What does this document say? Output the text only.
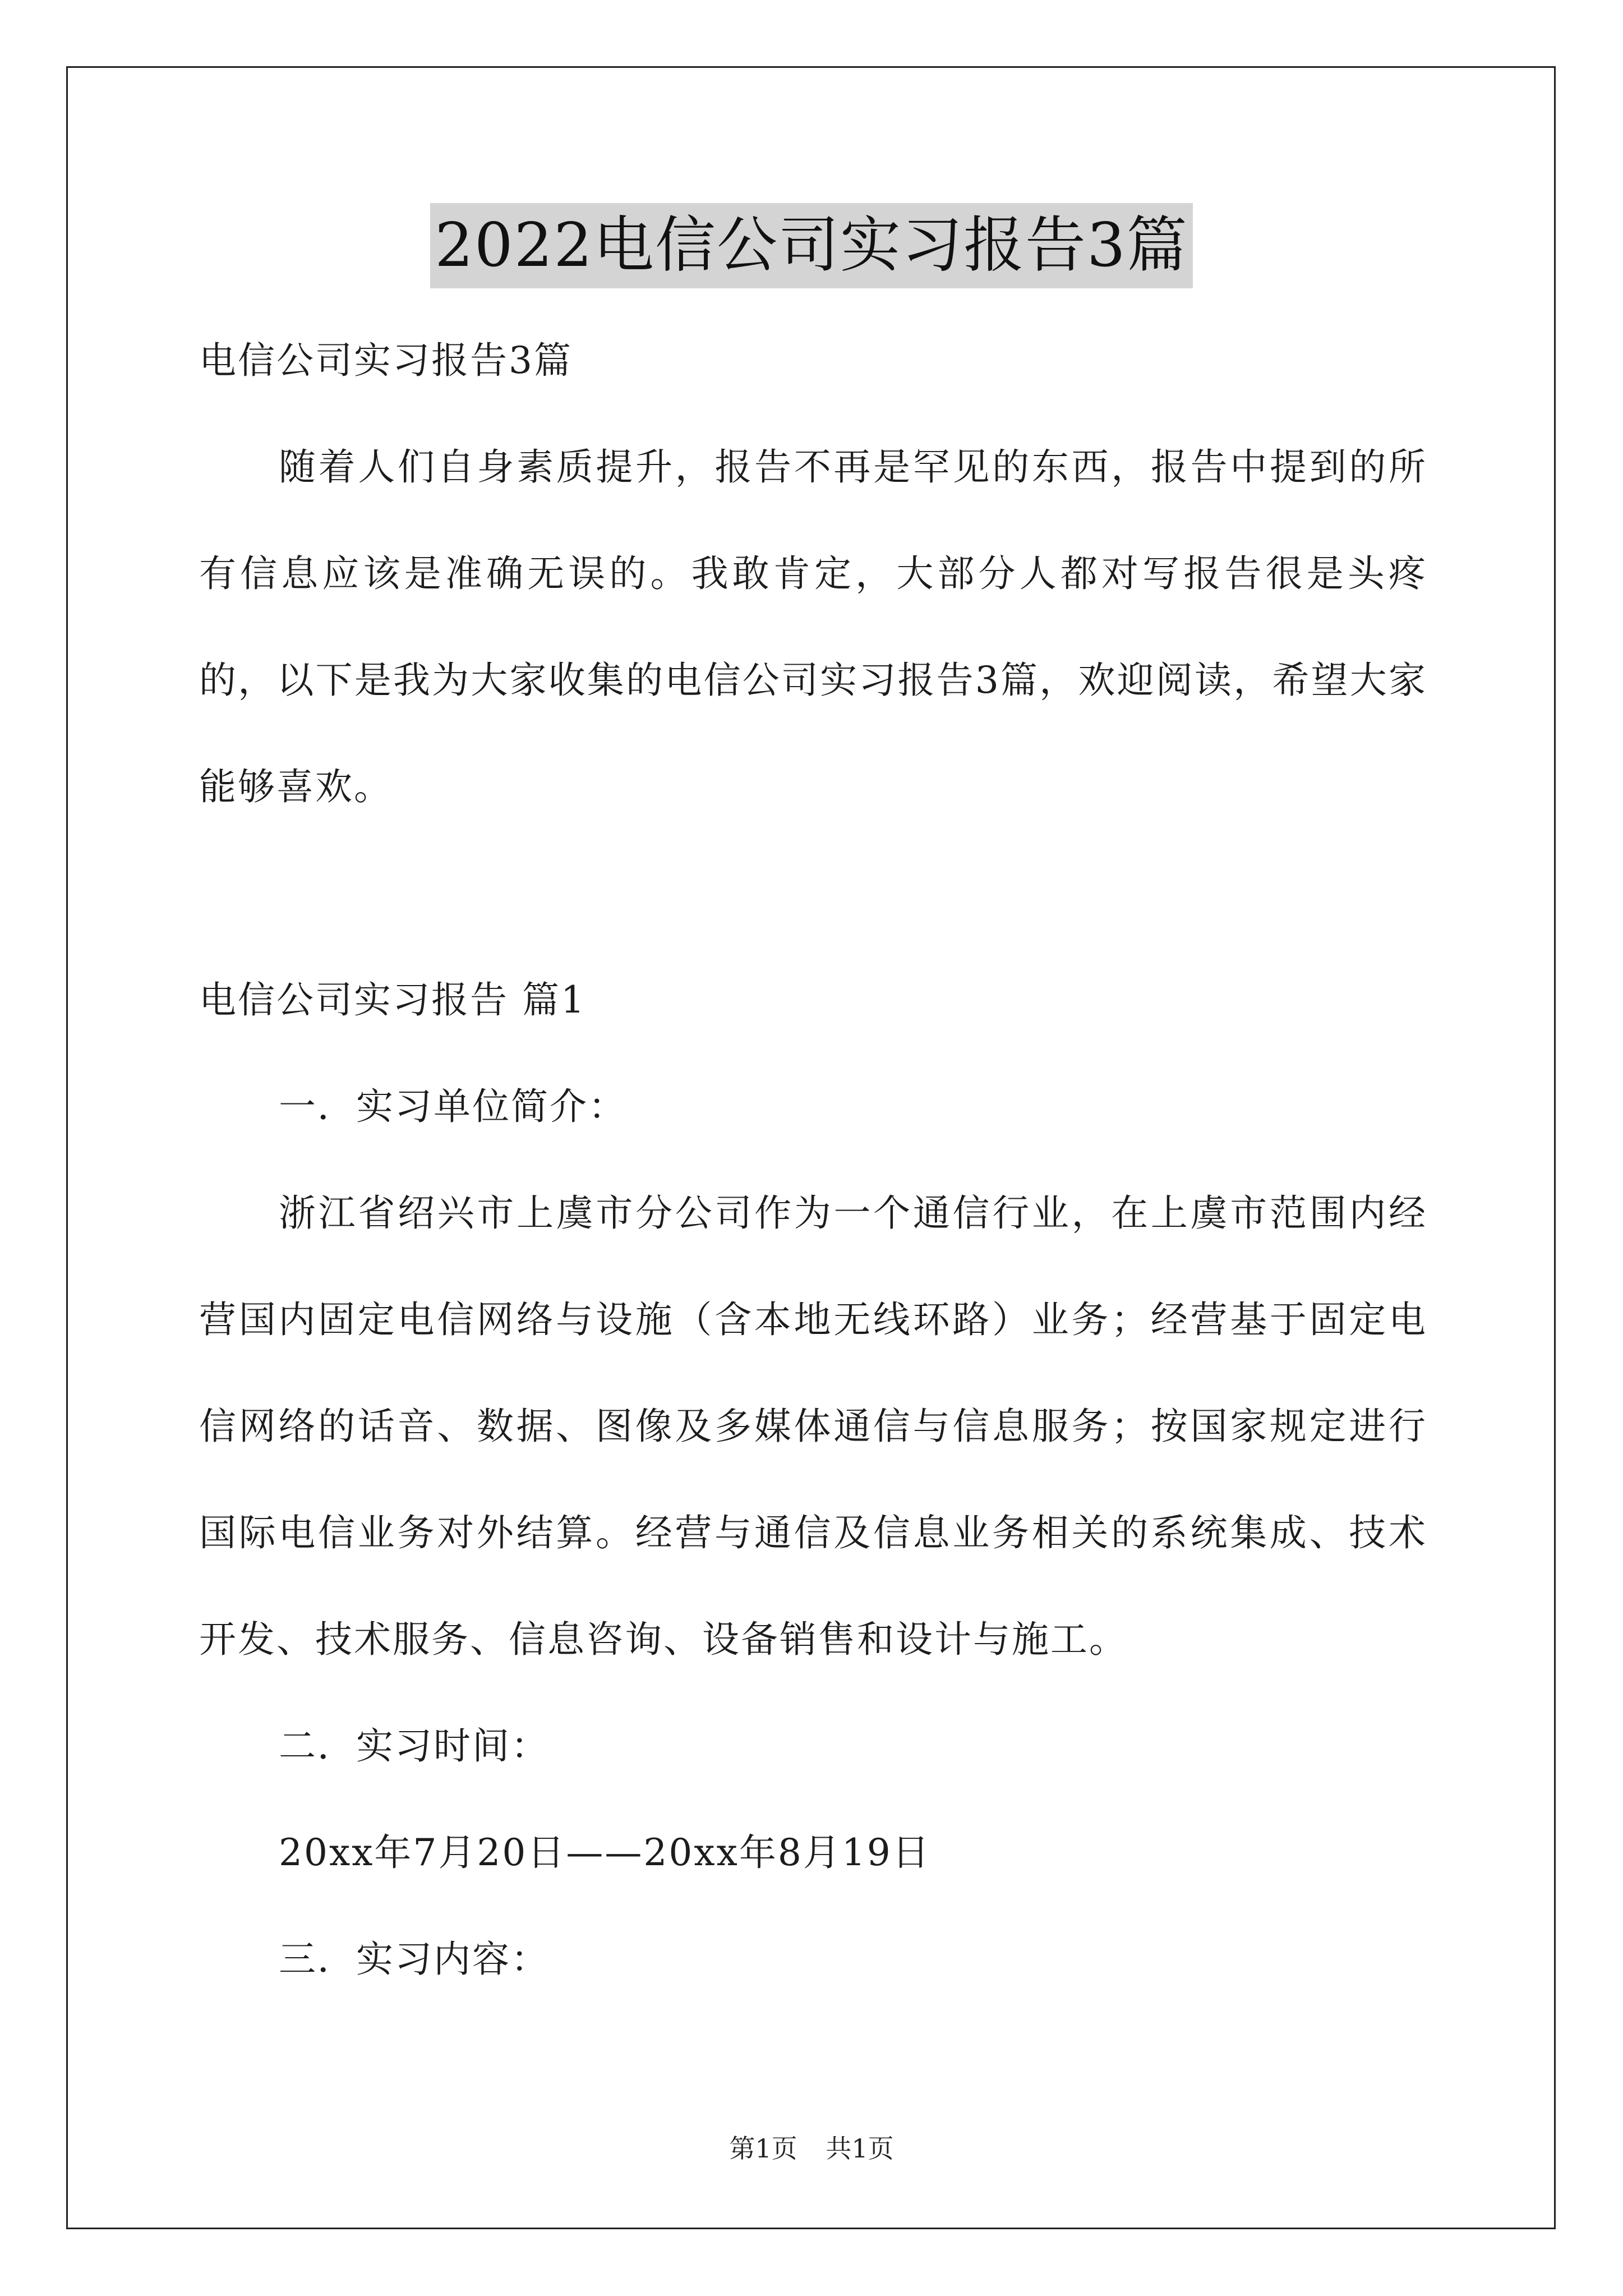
2022电信公司实习报告3篇

电信公司实习报告3篇

随着人们自身素质提升，报告不再是罕见的东西，报告中提到的所有信息应该是准确无误的。我敢肯定，大部分人都对写报告很是头疼的，以下是我为大家收集的电信公司实习报告3篇，欢迎阅读，希望大家能够喜欢。

电信公司实习报告 篇1

一．实习单位简介：

浙江省绍兴市上虞市分公司作为一个通信行业，在上虞市范围内经营国内固定电信网络与设施（含本地无线环路）业务；经营基于固定电信网络的话音、数据、图像及多媒体通信与信息服务；按国家规定进行国际电信业务对外结算。经营与通信及信息业务相关的系统集成、技术开发、技术服务、信息咨询、设备销售和设计与施工。

二．实习时间：

20xx年7月20日——20xx年8月19日

三．实习内容：

第1页 共1页
